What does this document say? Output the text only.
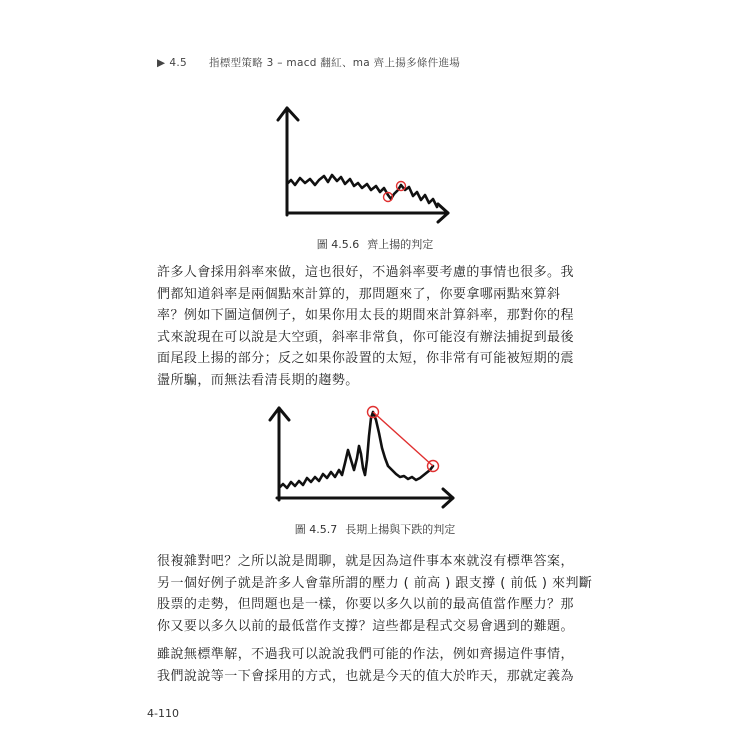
▶ 4.5 指標型策略 3 – macd 翻紅、ma 齊上揚多條件進場
圖 4.5.6 齊上揚的判定
許多人會採用斜率來做，這也很好，不過斜率要考慮的事情也很多。我
們都知道斜率是兩個點來計算的，那問題來了，你要拿哪兩點來算斜
率？例如下圖這個例子，如果你用太長的期間來計算斜率，那對你的程
式來說現在可以說是大空頭，斜率非常負，你可能沒有辦法捕捉到最後
面尾段上揚的部分；反之如果你設置的太短，你非常有可能被短期的震
盪所騙，而無法看清長期的趨勢。
圖 4.5.7 長期上揚與下跌的判定
很複雜對吧？之所以說是閒聊，就是因為這件事本來就沒有標準答案，
另一個好例子就是許多人會靠所謂的壓力 ( 前高 ) 跟支撐 ( 前低 ) 來判斷
股票的走勢，但問題也是一樣，你要以多久以前的最高值當作壓力？那
你又要以多久以前的最低當作支撐？這些都是程式交易會遇到的難題。
雖說無標準解，不過我可以說說我們可能的作法，例如齊揚這件事情，
我們說說等一下會採用的方式，也就是今天的值大於昨天，那就定義為
4-110
